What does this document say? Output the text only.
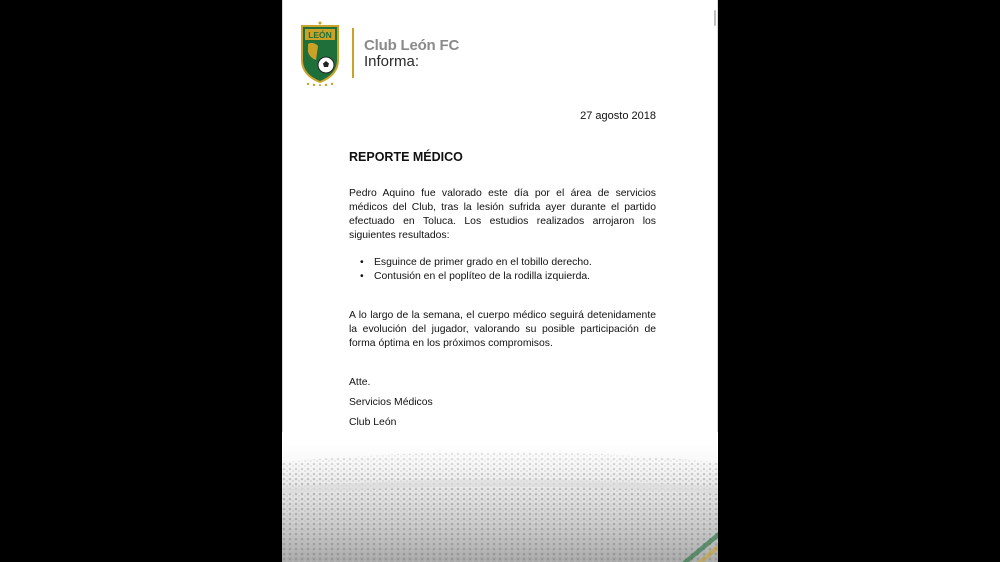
LEÓN
Club León FC
Informa:
27 agosto 2018
REPORTE MÉDICO

Pedro Aquino fue valorado este día por el área de servicios médicos del Club, tras la lesión sufrida ayer durante el partido efectuado en Toluca. Los estudios realizados arrojaron los siguientes resultados:

• Esguince de primer grado en el tobillo derecho.
• Contusión en el poplíteo de la rodilla izquierda.

A lo largo de la semana, el cuerpo médico seguirá detenidamente la evolución del jugador, valorando su posible participación de forma óptima en los próximos compromisos.

Atte.
Servicios Médicos
Club León
